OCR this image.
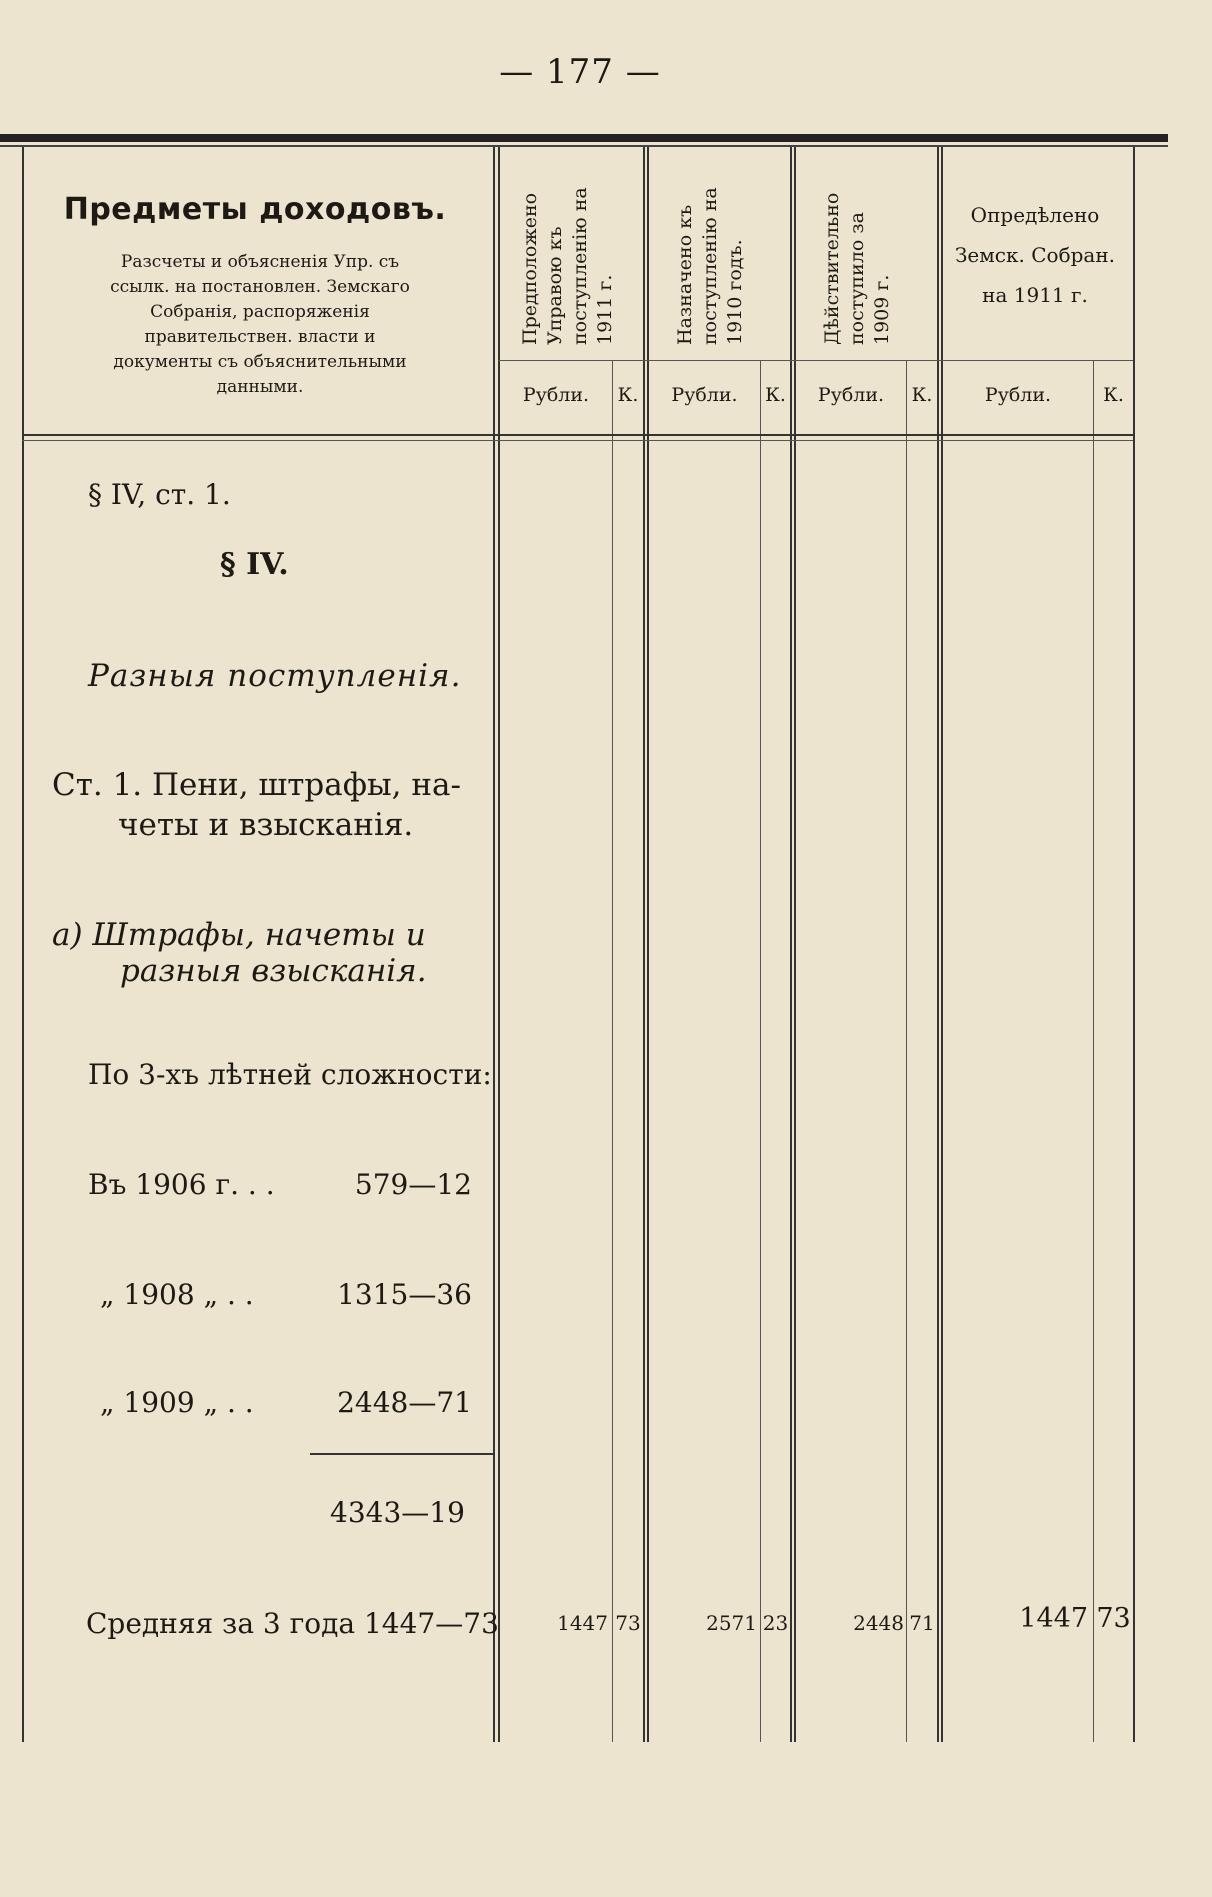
— 177 —
Предметы доходовъ.
Разсчеты и объясненія Упр. съ ссылк. на постановлен. Земскаго Собранія, распоряженія правительствен. власти и документы съ объяснительными данными.
Предположено Управою къ поступленію на 1911 г.	Назначено къ поступленію на 1910 годъ.	Дѣйствительно поступило за 1909 г.
Опредѣлено Земск. Собран. на 1911 г.
Рубли.	К.	Рубли.	К.	Рубли.	К.	Рубли.	К.
§ IV, ст. 1.
§ IV.
Разныя поступленія.
Ст. 1. Пени, штрафы, на-
четы и взысканія.
а) Штрафы, начеты и
разныя взысканія.
По 3-хъ лѣтней сложности:
Въ 1906 г. . .	579—12
„ 1908 „ . .	1315—36
„ 1909 „ . .	2448—71
4343—19
Средняя за 3 года 1447—73	1447 73	2571 23	2448 71	1447 73
